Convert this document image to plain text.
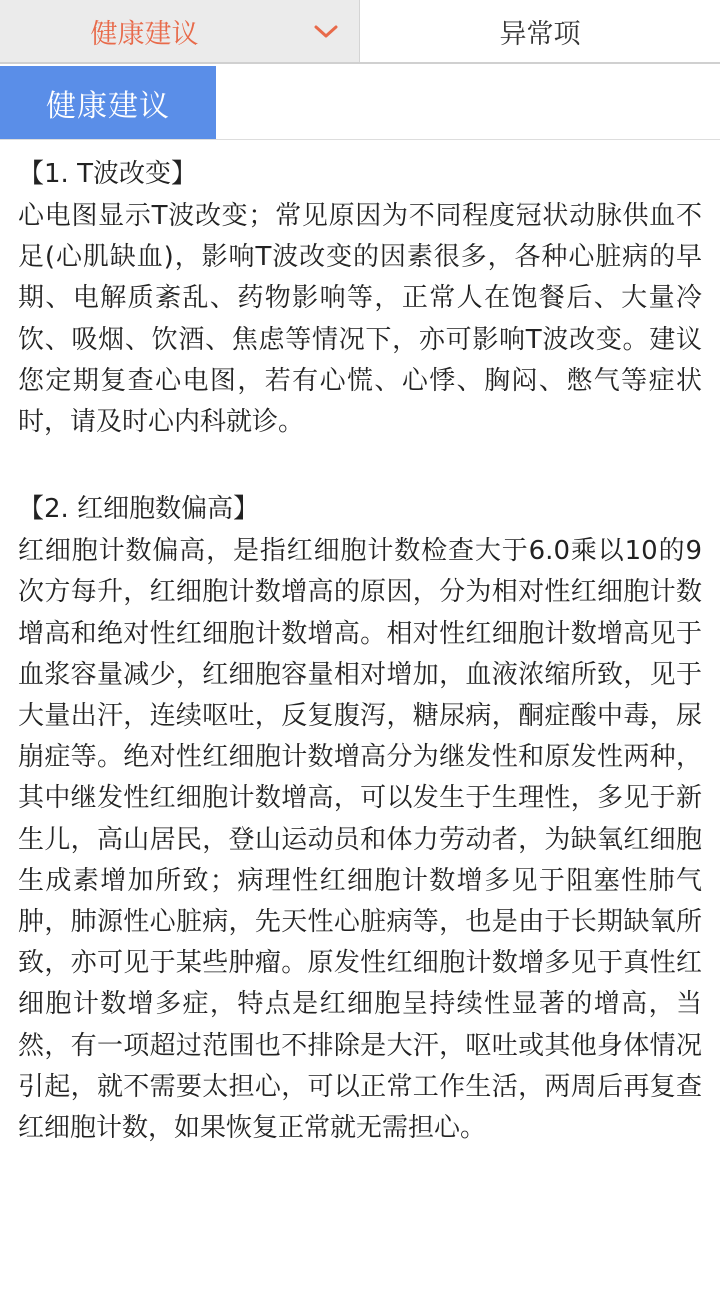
健康建议	异常项
健康建议

【1. T波改变】

心电图显示T波改变；常见原因为不同程度冠状动脉供血不足(心肌缺血)，影响T波改变的因素很多，各种心脏病的早期、电解质紊乱、药物影响等，正常人在饱餐后、大量冷饮、吸烟、饮酒、焦虑等情况下，亦可影响T波改变。建议您定期复查心电图，若有心慌、心悸、胸闷、憋气等症状时，请及时心内科就诊。

【2. 红细胞数偏高】

红细胞计数偏高，是指红细胞计数检查大于6.0乘以10的9次方每升，红细胞计数增高的原因，分为相对性红细胞计数增高和绝对性红细胞计数增高。相对性红细胞计数增高见于血浆容量减少，红细胞容量相对增加，血液浓缩所致，见于大量出汗，连续呕吐，反复腹泻，糖尿病，酮症酸中毒，尿崩症等。绝对性红细胞计数增高分为继发性和原发性两种，其中继发性红细胞计数增高，可以发生于生理性，多见于新生儿，高山居民，登山运动员和体力劳动者，为缺氧红细胞生成素增加所致；病理性红细胞计数增多见于阻塞性肺气肿，肺源性心脏病，先天性心脏病等，也是由于长期缺氧所致，亦可见于某些肿瘤。原发性红细胞计数增多见于真性红细胞计数增多症，特点是红细胞呈持续性显著的增高，当然，有一项超过范围也不排除是大汗，呕吐或其他身体情况引起，就不需要太担心，可以正常工作生活，两周后再复查红细胞计数，如果恢复正常就无需担心。
